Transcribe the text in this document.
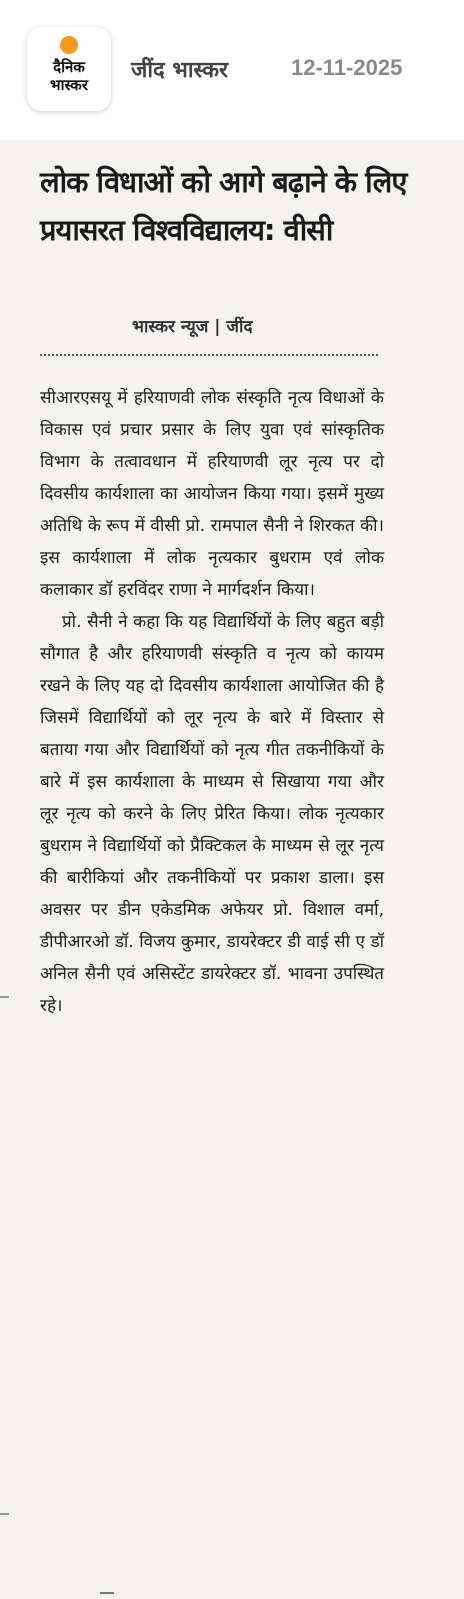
दैनिक
भास्कर
जींद भास्कर	12-11-2025
लोक विधाओं को आगे बढ़ाने के लिए प्रयासरत विश्वविद्यालय: वीसी
भास्कर न्यूज | जींद

सीआरएसयू में हरियाणवी लोक संस्कृति नृत्य विधाओं के विकास एवं प्रचार प्रसार के लिए युवा एवं सांस्कृतिक विभाग के तत्वावधान में हरियाणवी लूर नृत्य पर दो दिवसीय कार्यशाला का आयोजन किया गया। इसमें मुख्य अतिथि के रूप में वीसी प्रो. रामपाल सैनी ने शिरकत की। इस कार्यशाला में लोक नृत्यकार बुधराम एवं लोक कलाकार डॉ हरविंदर राणा ने मार्गदर्शन किया।

प्रो. सैनी ने कहा कि यह विद्यार्थियों के लिए बहुत बड़ी सौगात है और हरियाणवी संस्कृति व नृत्य को कायम रखने के लिए यह दो दिवसीय कार्यशाला आयोजित की है जिसमें विद्यार्थियों को लूर नृत्य के बारे में विस्तार से बताया गया और विद्यार्थियों को नृत्य गीत तकनीकियों के बारे में इस कार्यशाला के माध्यम से सिखाया गया और लूर नृत्य को करने के लिए प्रेरित किया। लोक नृत्यकार बुधराम ने विद्यार्थियों को प्रैक्टिकल के माध्यम से लूर नृत्य की बारीकियां और तकनीकियों पर प्रकाश डाला। इस अवसर पर डीन एकेडमिक अफेयर प्रो. विशाल वर्मा, डीपीआरओ डॉ. विजय कुमार, डायरेक्टर डी वाई सी ए डॉ अनिल सैनी एवं असिस्टेंट डायरेक्टर डॉ. भावना उपस्थित रहे।
